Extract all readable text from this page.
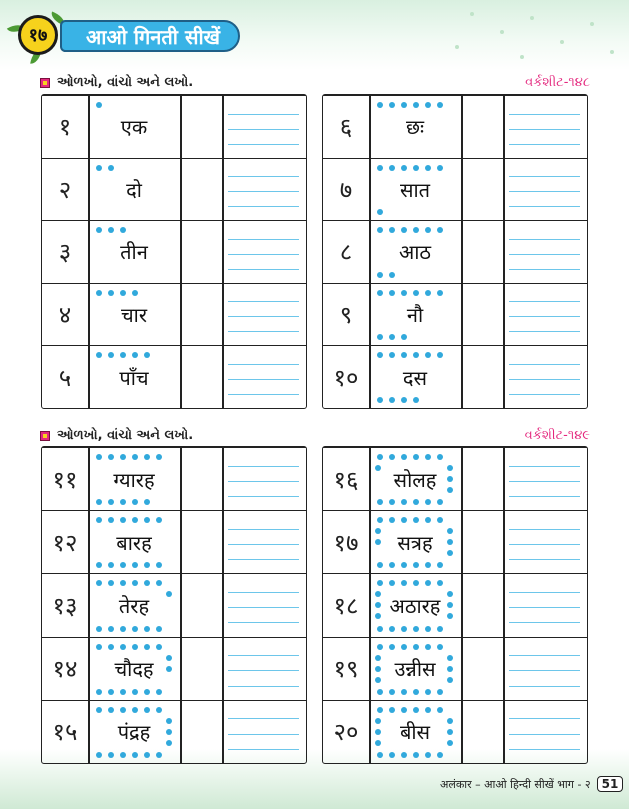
१७	आओ गिनती सीखें
ઓળખો, વાંચો અને લખો.	વર્કશીટ-૧૪૮
१	एक
२	दो
३	तीन
४	चार
५	पाँच
६	छः
७	सात
८	आठ
९	नौ
१०	दस
ઓળખો, વાંચો અને લખો.	વર્કશીટ-૧૪૯
११	ग्यारह
१२	बारह
१३	तेरह
१४	चौदह
१५	पंद्रह
१६	सोलह
१७	सत्रह
१८	अठारह
१९	उन्नीस
२०	बीस
अलंकार – आओ हिन्दी सीखें भाग - २ 51
